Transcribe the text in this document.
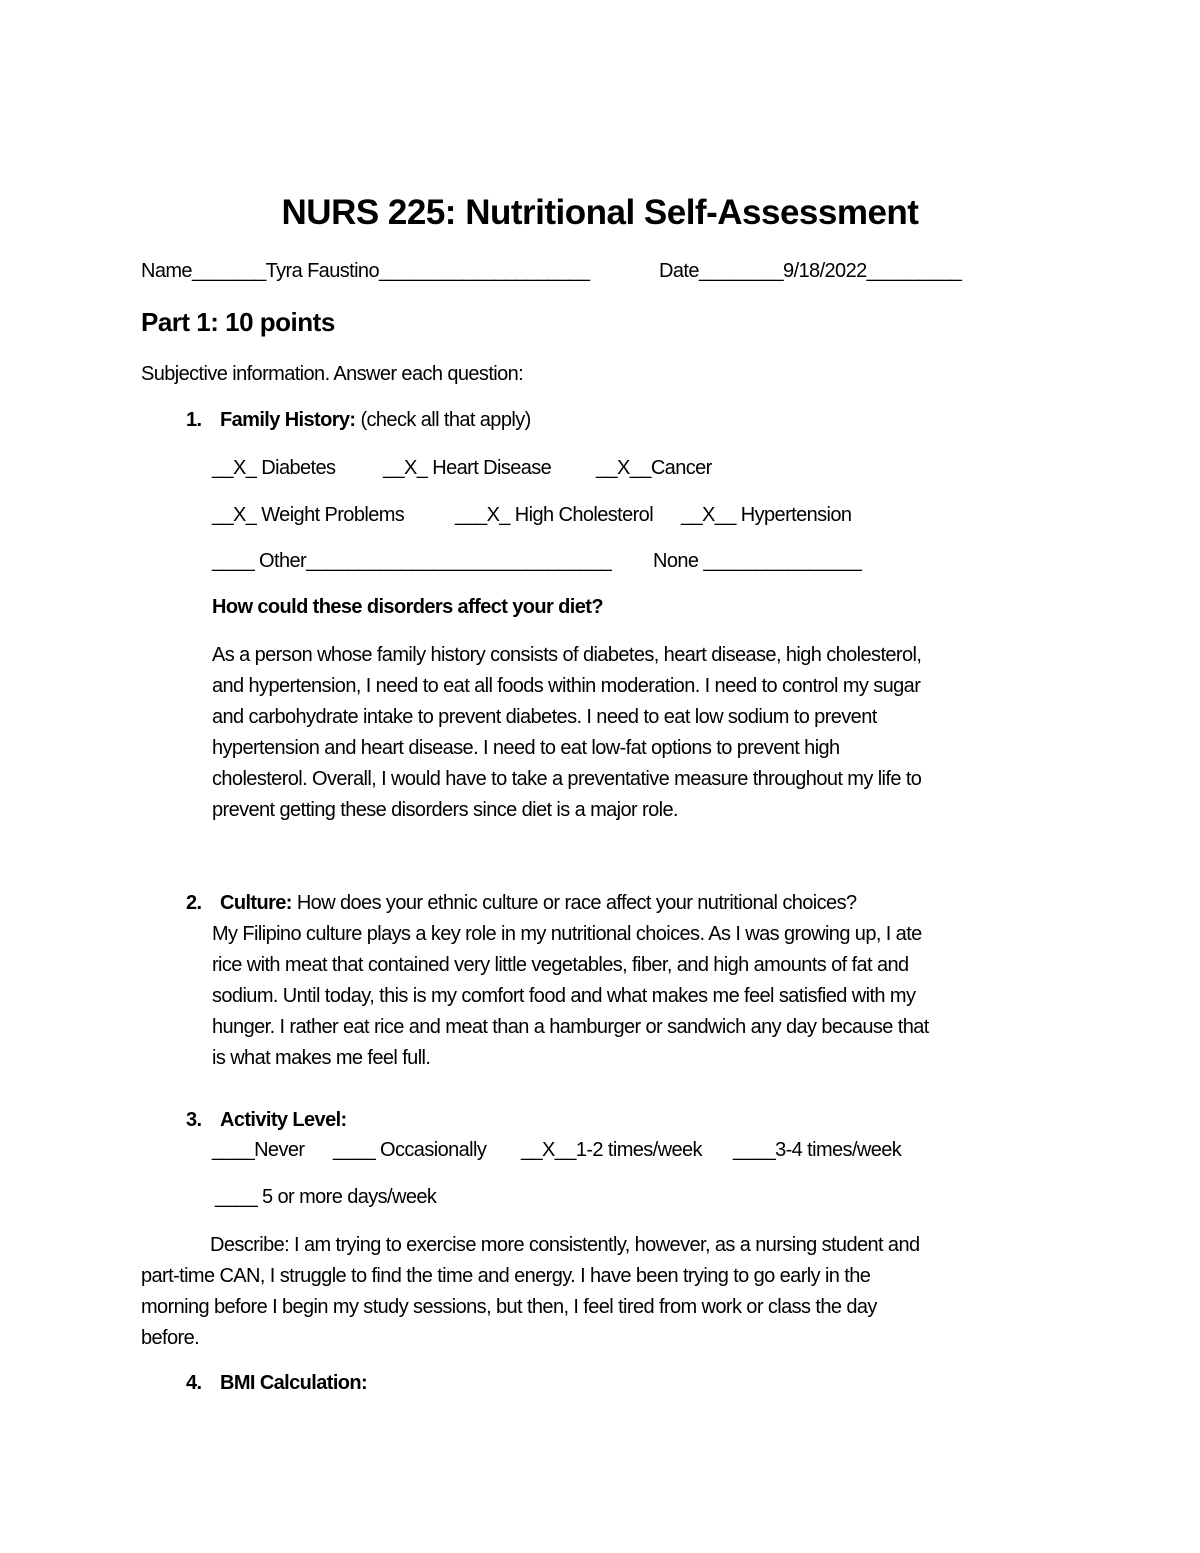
NURS 225: Nutritional Self-Assessment
Name_______Tyra Faustino____________________	Date________9/18/2022_________
Part 1: 10 points
Subjective information. Answer each question:
1. Family History: (check all that apply)
__X_ Diabetes __X_ Heart Disease __X__Cancer
__X_ Weight Problems	___X_ High Cholesterol __X__ Hypertension
____ Other_____________________________ None _______________
How could these disorders affect your diet?
As a person whose family history consists of diabetes, heart disease, high cholesterol,
and hypertension, I need to eat all foods within moderation. I need to control my sugar
and carbohydrate intake to prevent diabetes. I need to eat low sodium to prevent
hypertension and heart disease. I need to eat low-fat options to prevent high
cholesterol. Overall, I would have to take a preventative measure throughout my life to
prevent getting these disorders since diet is a major role.
2. Culture: How does your ethnic culture or race affect your nutritional choices?
My Filipino culture plays a key role in my nutritional choices. As I was growing up, I ate
rice with meat that contained very little vegetables, fiber, and high amounts of fat and
sodium. Until today, this is my comfort food and what makes me feel satisfied with my
hunger. I rather eat rice and meat than a hamburger or sandwich any day because that
is what makes me feel full.
3. Activity Level:
____Never ____ Occasionally __X__1-2 times/week ____3-4 times/week
____ 5 or more days/week
Describe: I am trying to exercise more consistently, however, as a nursing student and
part-time CAN, I struggle to find the time and energy. I have been trying to go early in the
morning before I begin my study sessions, but then, I feel tired from work or class the day
before.
4. BMI Calculation:
